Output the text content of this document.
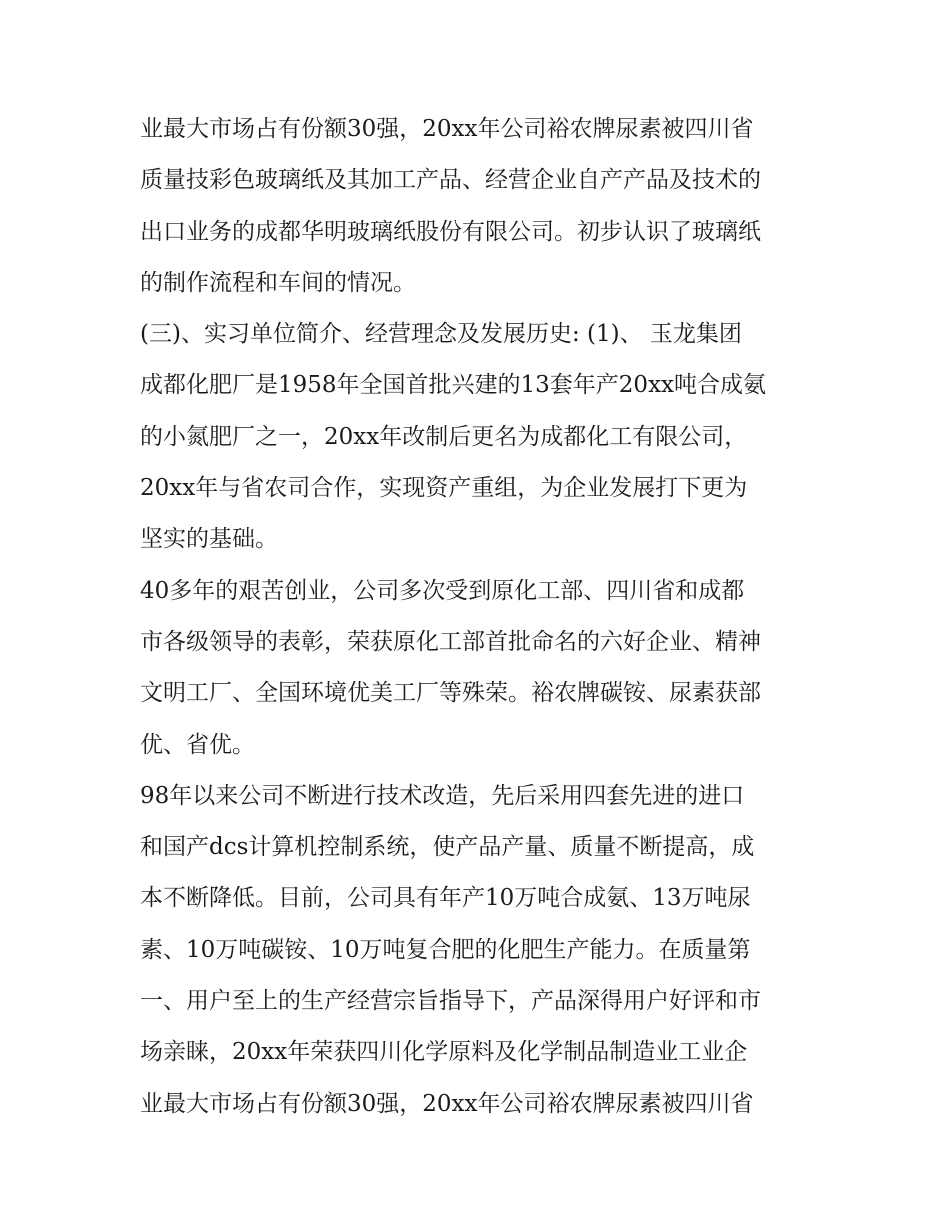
业最大市场占有份额30强，20xx年公司裕农牌尿素被四川省
质量技彩色玻璃纸及其加工产品、经营企业自产产品及技术的
出口业务的成都华明玻璃纸股份有限公司。初步认识了玻璃纸
的制作流程和车间的情况。
(三)、实习单位简介、经营理念及发展历史: (1)、 玉龙集团
成都化肥厂是1958年全国首批兴建的13套年产20xx吨合成氨
的小氮肥厂之一，20xx年改制后更名为成都化工有限公司，
20xx年与省农司合作，实现资产重组，为企业发展打下更为
坚实的基础。
40多年的艰苦创业，公司多次受到原化工部、四川省和成都
市各级领导的表彰，荣获原化工部首批命名的六好企业、精神
文明工厂、全国环境优美工厂等殊荣。裕农牌碳铵、尿素获部
优、省优。
98年以来公司不断进行技术改造，先后采用四套先进的进口
和国产dcs计算机控制系统，使产品产量、质量不断提高，成
本不断降低。目前，公司具有年产10万吨合成氨、13万吨尿
素、10万吨碳铵、10万吨复合肥的化肥生产能力。在质量第
一、用户至上的生产经营宗旨指导下，产品深得用户好评和市
场亲睐，20xx年荣获四川化学原料及化学制品制造业工业企
业最大市场占有份额30强，20xx年公司裕农牌尿素被四川省
